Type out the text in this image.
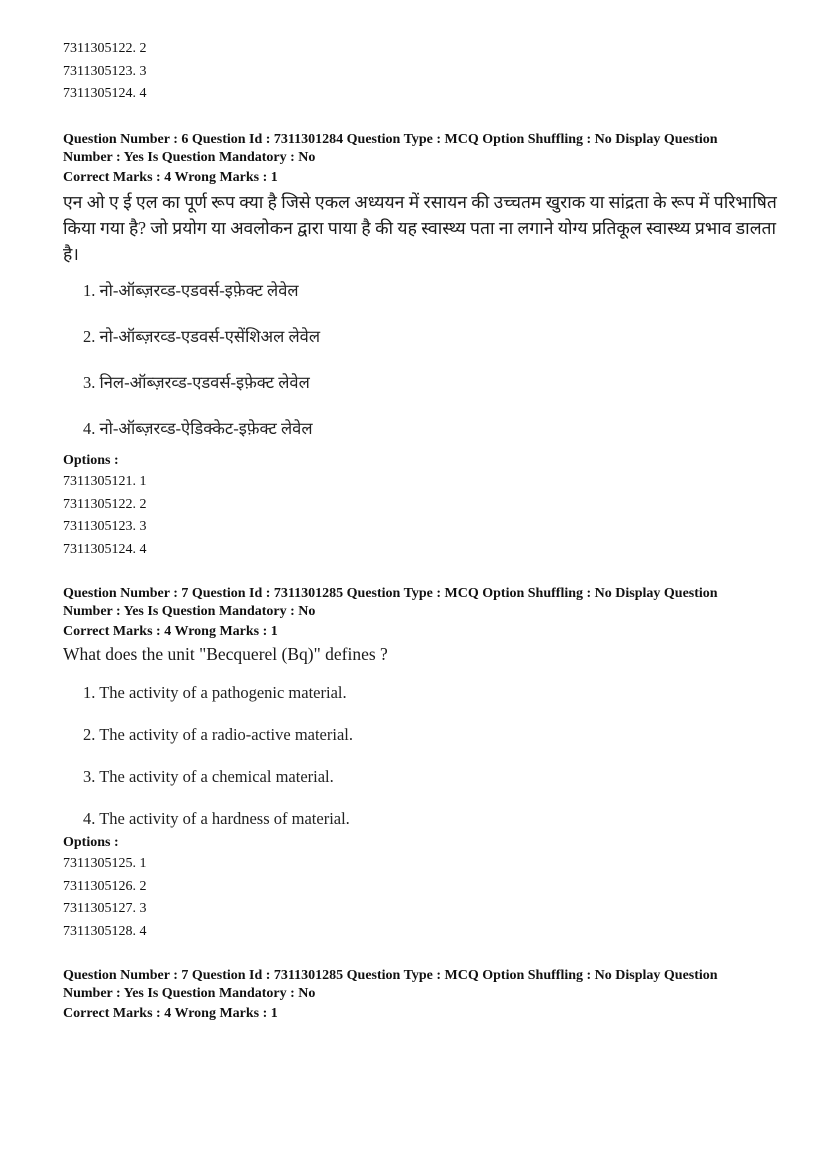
7311305122. 2
7311305123. 3
7311305124. 4
Question Number : 6 Question Id : 7311301284 Question Type : MCQ Option Shuffling : No Display Question
Number : Yes Is Question Mandatory : No
Correct Marks : 4 Wrong Marks : 1
एन ओ ए ई एल का पूर्ण रूप क्या है जिसे एकल अध्ययन में रसायन की उच्चतम खुराक या सांद्रता के रूप में परिभाषित किया गया है? जो प्रयोग या अवलोकन द्वारा पाया है की यह स्वास्थ्य पता ना लगाने योग्य प्रतिकूल स्वास्थ्य प्रभाव डालता है।
1. नो-ऑब्ज़रव्ड-एडवर्स-इफ़ेक्ट लेवेल
2. नो-ऑब्ज़रव्ड-एडवर्स-एसेंशिअल लेवेल
3. निल-ऑब्ज़रव्ड-एडवर्स-इफ़ेक्ट लेवेल
4. नो-ऑब्ज़रव्ड-ऐडिक्केट-इफ़ेक्ट लेवेल
Options :
7311305121. 1
7311305122. 2
7311305123. 3
7311305124. 4
Question Number : 7 Question Id : 7311301285 Question Type : MCQ Option Shuffling : No Display Question
Number : Yes Is Question Mandatory : No
Correct Marks : 4 Wrong Marks : 1
What does the unit "Becquerel (Bq)" defines ?
1. The activity of a pathogenic material.
2. The activity of a radio-active material.
3. The activity of a chemical material.
4. The activity of a hardness of material.
Options :
7311305125. 1
7311305126. 2
7311305127. 3
7311305128. 4
Question Number : 7 Question Id : 7311301285 Question Type : MCQ Option Shuffling : No Display Question
Number : Yes Is Question Mandatory : No
Correct Marks : 4 Wrong Marks : 1
